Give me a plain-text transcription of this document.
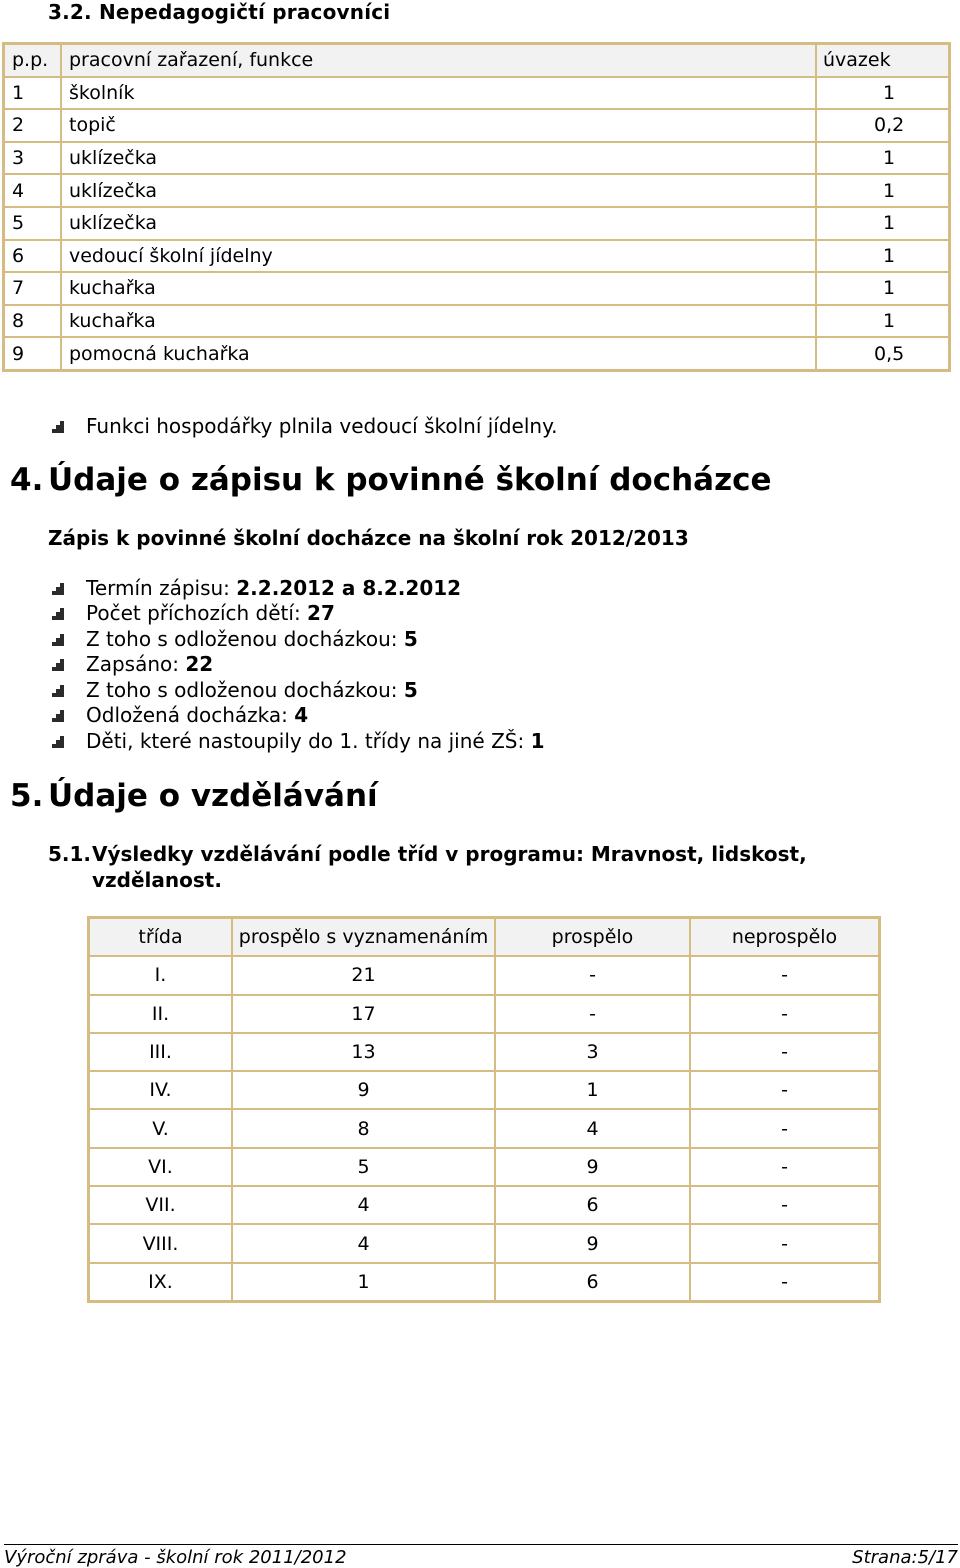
3.2. Nepedagogičtí pracovníci
p.p.	pracovní zařazení, funkce	úvazek
1	školník	1
2	topič	0,2
3	uklízečka	1
4	uklízečka	1
5	uklízečka	1
6	vedoucí školní jídelny	1
7	kuchařka	1
8	kuchařka	1
9	pomocná kuchařka	0,5
Funkci hospodářky plnila vedoucí školní jídelny.
4. Údaje o zápisu k povinné školní docházce
Zápis k povinné školní docházce na školní rok 2012/2013
Termín zápisu: 2.2.2012 a 8.2.2012
Počet příchozích dětí: 27
Z toho s odloženou docházkou: 5
Zapsáno: 22
Z toho s odloženou docházkou: 5
Odložená docházka: 4
Děti, které nastoupily do 1. třídy na jiné ZŠ: 1
5. Údaje o vzdělávání
5.1.Výsledky vzdělávání podle tříd v programu: Mravnost, lidskost,
vzdělanost.
třída	prospělo s vyznamenáním	prospělo	neprospělo
I.	21	-	-
II.	17	-	-
III.	13	3	-
IV.	9	1	-
V.	8	4	-
VI.	5	9	-
VII.	4	6	-
VIII.	4	9	-
IX.	1	6	-
Výroční zpráva - školní rok 2011/2012	Strana:5/17
